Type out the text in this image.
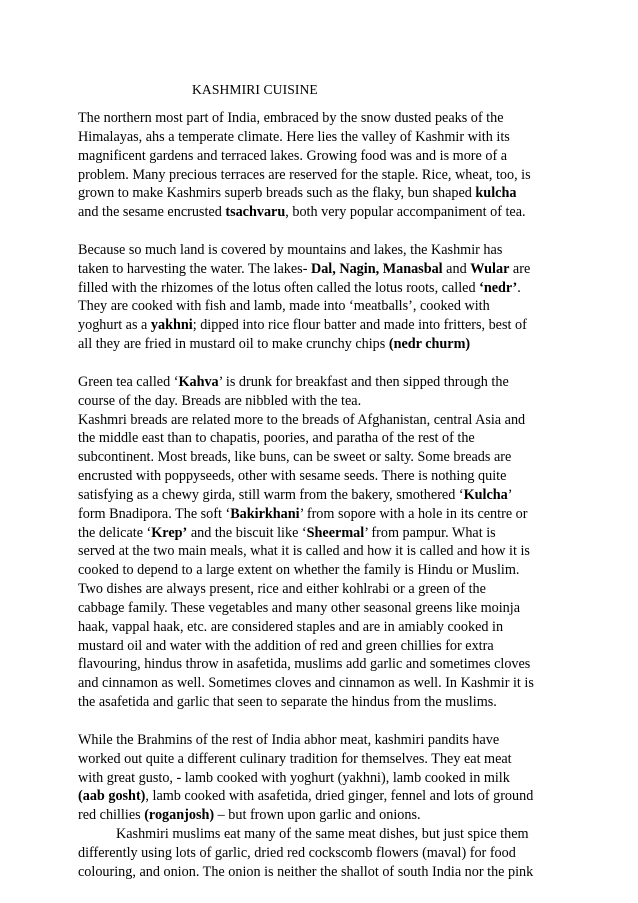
KASHMIRI CUISINE
The northern most part of India, embraced by the snow dusted peaks of the
Himalayas, ahs a temperate climate. Here lies the valley of Kashmir with its
magnificent gardens and terraced lakes. Growing food was and is more of a
problem. Many precious terraces are reserved for the staple. Rice, wheat, too, is
grown to make Kashmirs superb breads such as the flaky, bun shaped kulcha
and the sesame encrusted tsachvaru, both very popular accompaniment of tea.
Because so much land is covered by mountains and lakes, the Kashmir has
taken to harvesting the water. The lakes- Dal, Nagin, Manasbal and Wular are
filled with the rhizomes of the lotus often called the lotus roots, called ‘nedr’.
They are cooked with fish and lamb, made into ‘meatballs’, cooked with
yoghurt as a yakhni; dipped into rice flour batter and made into fritters, best of
all they are fried in mustard oil to make crunchy chips (nedr churm)
Green tea called ‘Kahva’ is drunk for breakfast and then sipped through the
course of the day. Breads are nibbled with the tea.
Kashmri breads are related more to the breads of Afghanistan, central Asia and
the middle east than to chapatis, poories, and paratha of the rest of the
subcontinent. Most breads, like buns, can be sweet or salty. Some breads are
encrusted with poppyseeds, other with sesame seeds. There is nothing quite
satisfying as a chewy girda, still warm from the bakery, smothered ‘Kulcha’
form Bnadipora. The soft ‘Bakirkhani’ from sopore with a hole in its centre or
the delicate ‘Krep’ and the biscuit like ‘Sheermal’ from pampur. What is
served at the two main meals, what it is called and how it is called and how it is
cooked to depend to a large extent on whether the family is Hindu or Muslim.
Two dishes are always present, rice and either kohlrabi or a green of the
cabbage family. These vegetables and many other seasonal greens like moinja
haak, vappal haak, etc. are considered staples and are in amiably cooked in
mustard oil and water with the addition of red and green chillies for extra
flavouring, hindus throw in asafetida, muslims add garlic and sometimes cloves
and cinnamon as well. Sometimes cloves and cinnamon as well. In Kashmir it is
the asafetida and garlic that seen to separate the hindus from the muslims.
While the Brahmins of the rest of India abhor meat, kashmiri pandits have
worked out quite a different culinary tradition for themselves. They eat meat
with great gusto, - lamb cooked with yoghurt (yakhni), lamb cooked in milk
(aab gosht), lamb cooked with asafetida, dried ginger, fennel and lots of ground
red chillies (roganjosh) – but frown upon garlic and onions.
Kashmiri muslims eat many of the same meat dishes, but just spice them
differently using lots of garlic, dried red cockscomb flowers (maval) for food
colouring, and onion. The onion is neither the shallot of south India nor the pink
